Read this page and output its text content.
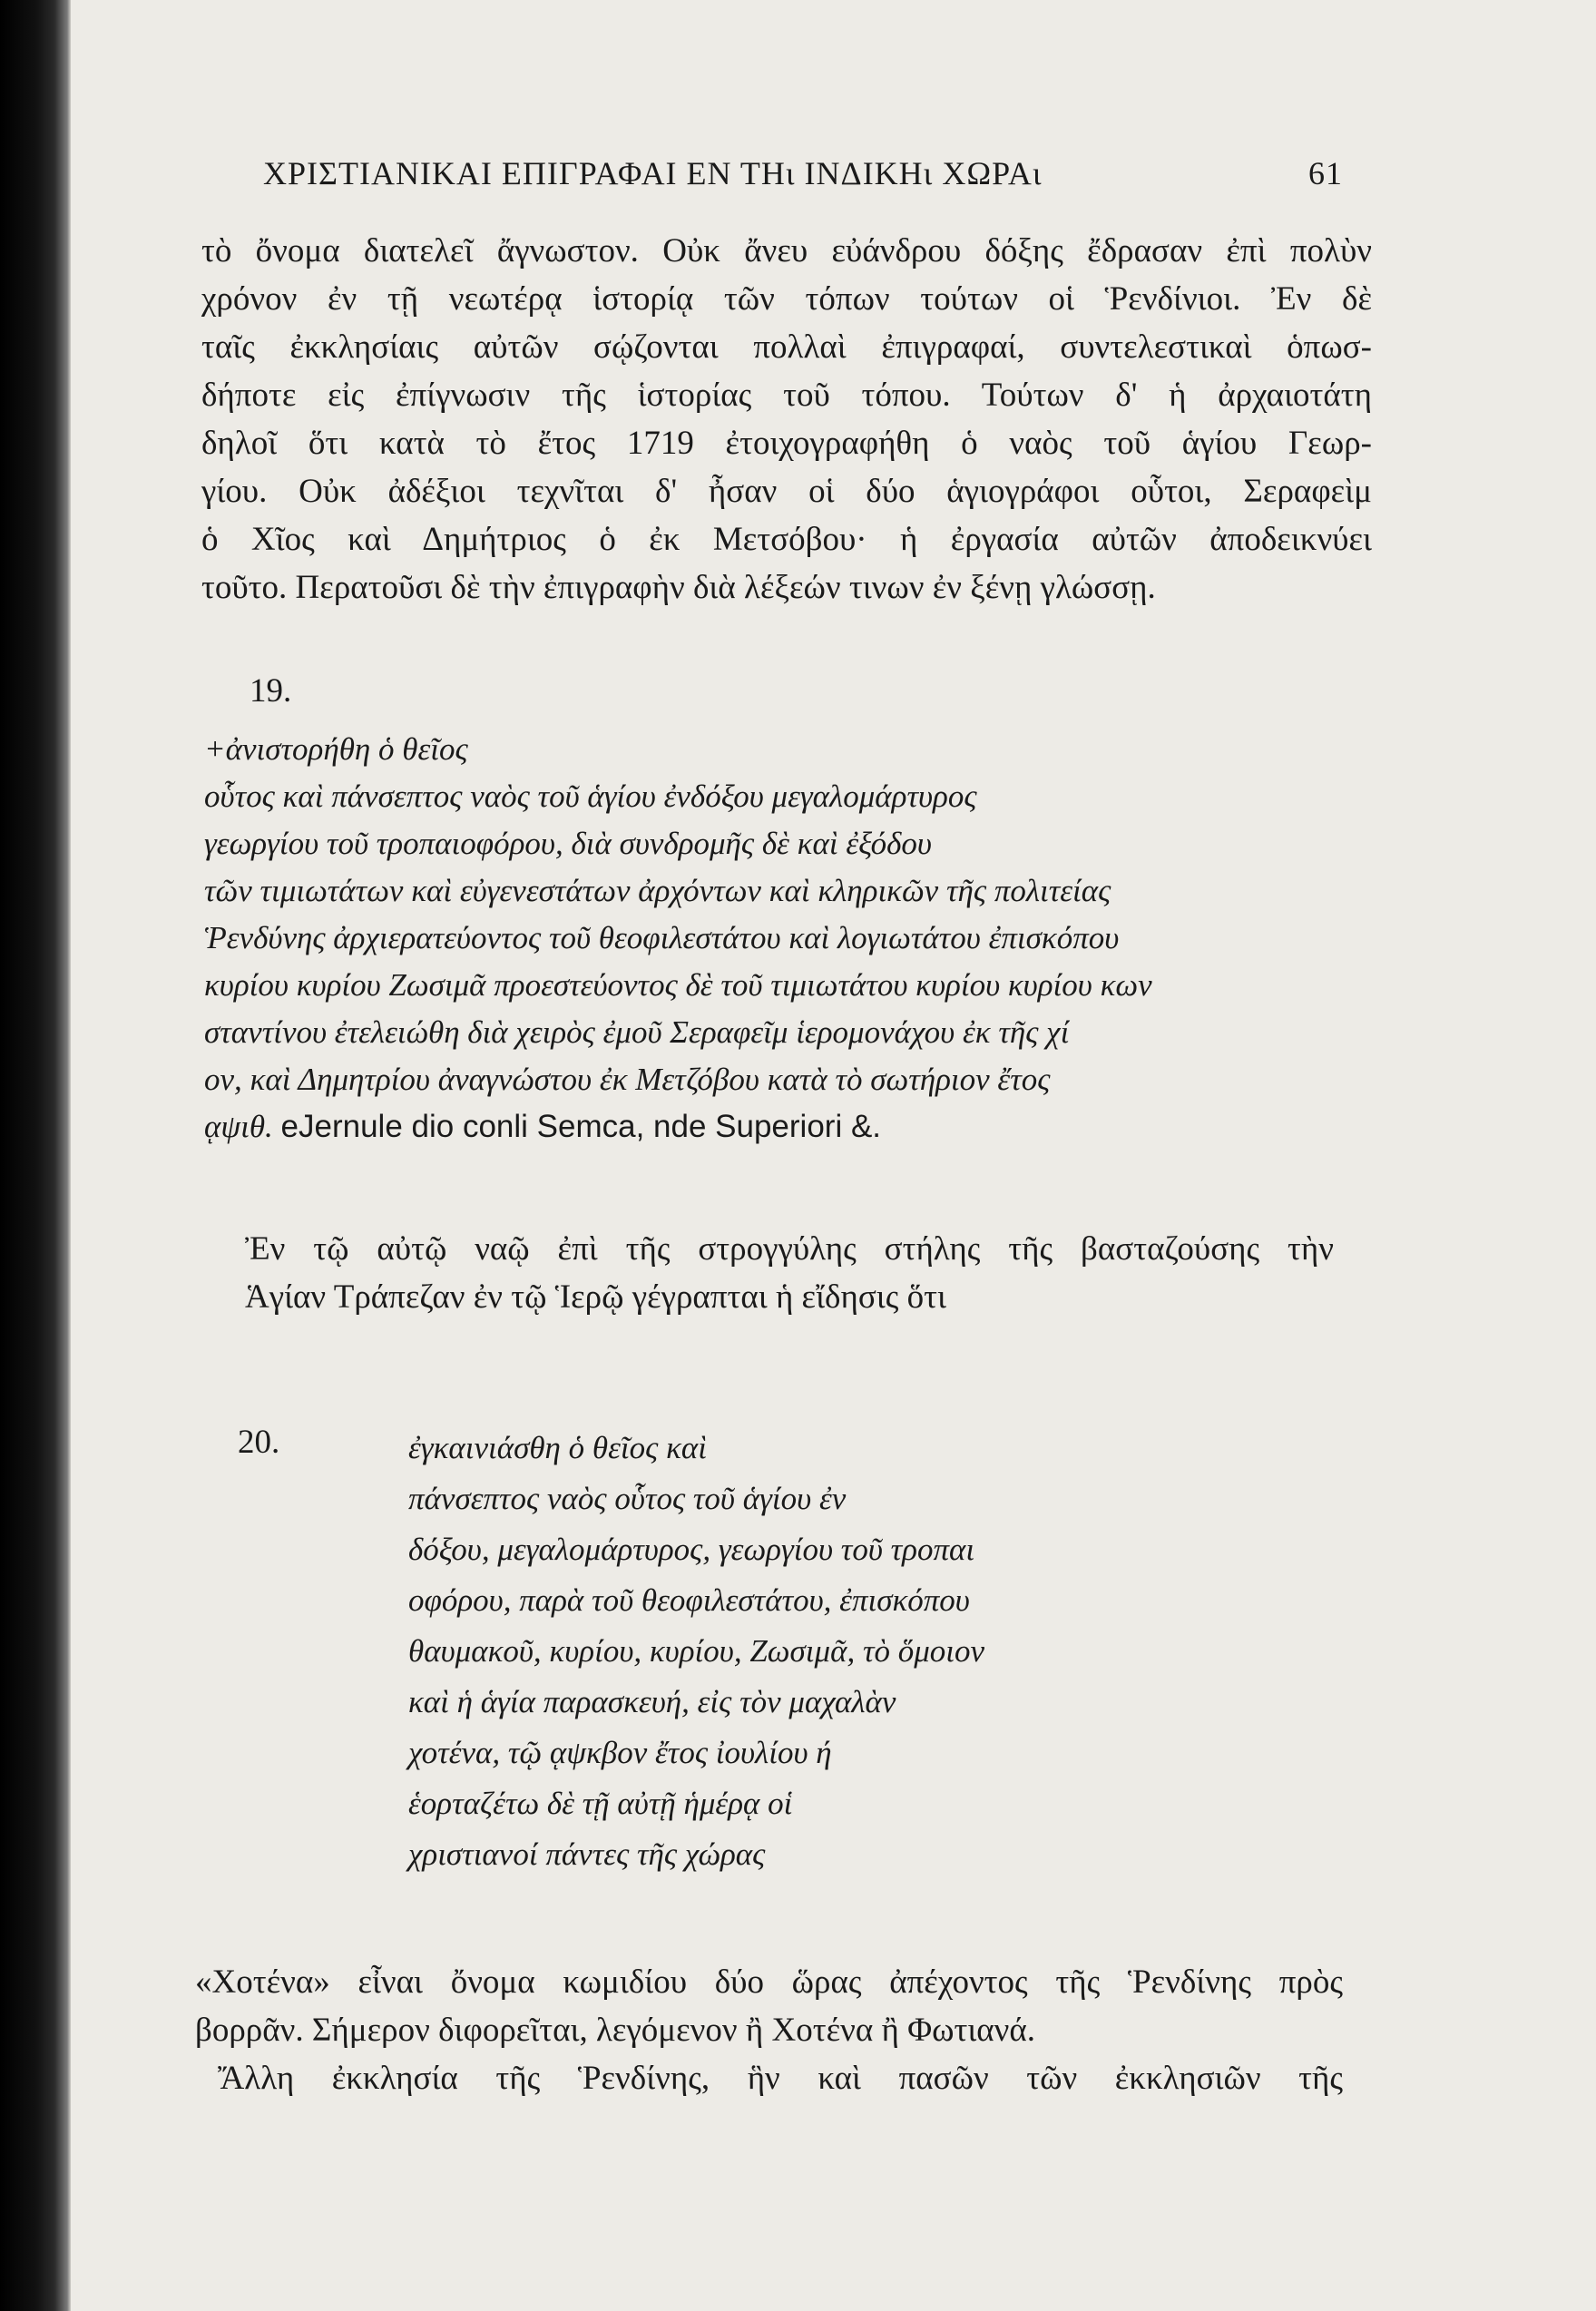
ΧΡΙΣΤΙΑΝΙΚΑΙ ΕΠΙΓΡΑΦΑΙ ΕΝ ΤΗι ΙΝΔΙΚΗι ΧΩΡΑι	61
τὸ ὄνομα διατελεῖ ἄγνωστον. Οὐκ ἄνευ εὐάνδρου δόξης ἔδρασαν ἐπὶ πολὺν
χρόνον ἐν τῇ νεωτέρᾳ ἱστορίᾳ τῶν τόπων τούτων οἱ Ῥενδίνιοι. Ἐν δὲ
ταῖς ἐκκλησίαις αὐτῶν σῴζονται πολλαὶ ἐπιγραφαί, συντελεστικαὶ ὁπωσ-
δήποτε εἰς ἐπίγνωσιν τῆς ἱστορίας τοῦ τόπου. Τούτων δ' ἡ ἀρχαιοτάτη
δηλοῖ ὅτι κατὰ τὸ ἔτος 1719 ἐτοιχογραφήθη ὁ ναὸς τοῦ ἁγίου Γεωρ-
γίου. Οὐκ ἀδέξιοι τεχνῖται δ' ἦσαν οἱ δύο ἁγιογράφοι οὗτοι, Σεραφεὶμ
ὁ Χῖος καὶ Δημήτριος ὁ ἐκ Μετσόβου· ἡ ἐργασία αὐτῶν ἀποδεικνύει
τοῦτο. Περατοῦσι δὲ τὴν ἐπιγραφὴν διὰ λέξεών τινων ἐν ξένῃ γλώσσῃ.
19.
+ἀνιστορήθη ὁ θεῖος
οὗτος καὶ πάνσεπτος ναὸς τοῦ ἁγίου ἐνδόξου μεγαλομάρτυρος
γεωργίου τοῦ τροπαιοφόρου, διὰ συνδρομῆς δὲ καὶ ἐξόδου
τῶν τιμιωτάτων καὶ εὐγενεστάτων ἀρχόντων καὶ κληρικῶν τῆς πολιτείας
Ῥενδύνης ἀρχιερατεύοντος τοῦ θεοφιλεστάτου καὶ λογιωτάτου ἐπισκόπου
κυρίου κυρίου Ζωσιμᾶ προεστεύοντος δὲ τοῦ τιμιωτάτου κυρίου κυρίου κων
σταντίνου ἐτελειώθη διὰ χειρὸς ἐμοῦ Σεραφεῖμ ἱερομονάχου ἐκ τῆς χί
ον, καὶ Δημητρίου ἀναγνώστου ἐκ Μετζόβου κατὰ τὸ σωτήριον ἔτος
ᾳψιθ. eJernule dio conli Semca, nde Superiori &.
Ἐν τῷ αὐτῷ ναῷ ἐπὶ τῆς στρογγύλης στήλης τῆς βασταζούσης τὴν
Ἁγίαν Τράπεζαν ἐν τῷ Ἱερῷ γέγραπται ἡ εἴδησις ὅτι
20.	ἐγκαινιάσθη ὁ θεῖος καὶ
πάνσεπτος ναὸς οὗτος τοῦ ἁγίου ἐν
δόξου, μεγαλομάρτυρος, γεωργίου τοῦ τροπαι
οφόρου, παρὰ τοῦ θεοφιλεστάτου, ἐπισκόπου
θαυμακοῦ, κυρίου, κυρίου, Ζωσιμᾶ, τὸ ὅμοιον
καὶ ἡ ἁγία παρασκευή, εἰς τὸν μαχαλὰν
χοτένα, τῷ ᾳψκβον ἔτος ἰουλίου ή
ἑορταζέτω δὲ τῇ αὐτῇ ἡμέρᾳ οἱ
χριστιανοί πάντες τῆς χώρας
«Χοτένα» εἶναι ὄνομα κωμιδίου δύο ὥρας ἀπέχοντος τῆς Ῥενδίνης πρὸς
βορρᾶν. Σήμερον διφορεῖται, λεγόμενον ἢ Χοτένα ἢ Φωτιανά.
Ἄλλη ἐκκλησία τῆς Ῥενδίνης, ἣν καὶ πασῶν τῶν ἐκκλησιῶν τῆς
